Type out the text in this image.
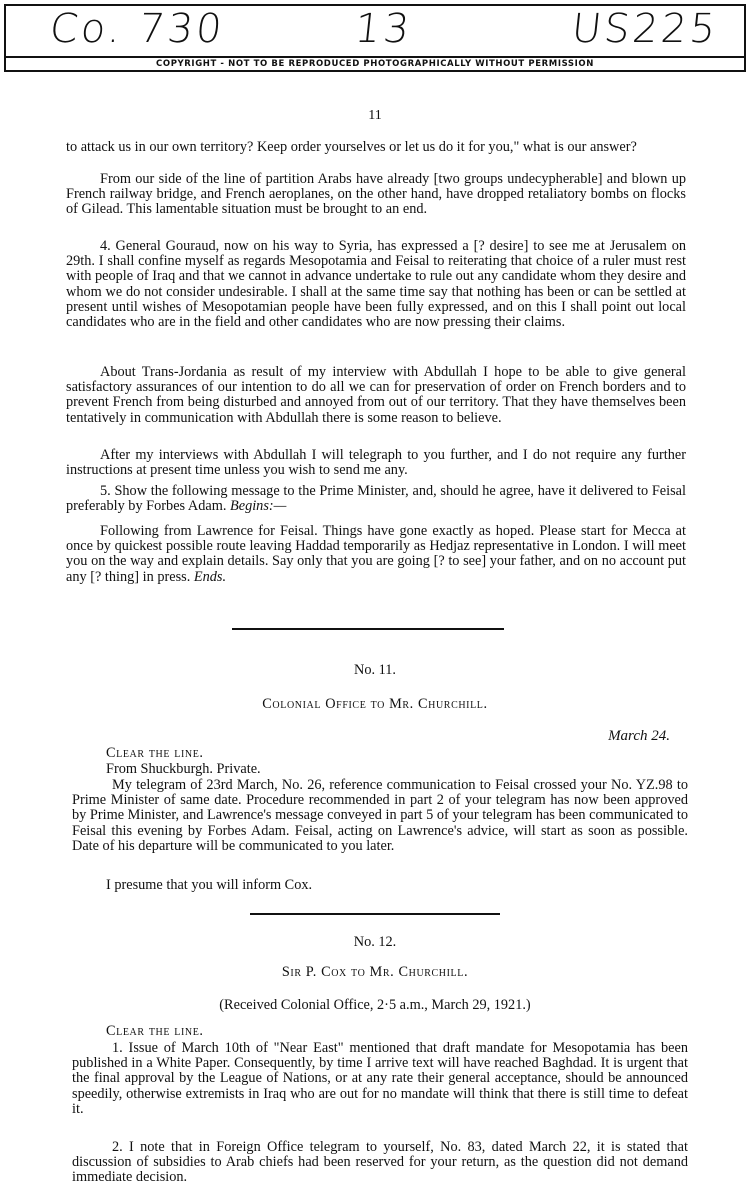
Co. 730	13	US225
COPYRIGHT - NOT TO BE REPRODUCED PHOTOGRAPHICALLY WITHOUT PERMISSION
11
to attack us in our own territory? Keep order yourselves or let us do it for you," what is our answer?
From our side of the line of partition Arabs have already [two groups undecypherable] and blown up French railway bridge, and French aeroplanes, on the other hand, have dropped retaliatory bombs on flocks of Gilead. This lamentable situation must be brought to an end.
4. General Gouraud, now on his way to Syria, has expressed a [? desire] to see me at Jerusalem on 29th. I shall confine myself as regards Mesopotamia and Feisal to reiterating that choice of a ruler must rest with people of Iraq and that we cannot in advance undertake to rule out any candidate whom they desire and whom we do not consider undesirable. I shall at the same time say that nothing has been or can be settled at present until wishes of Mesopotamian people have been fully expressed, and on this I shall point out local candidates who are in the field and other candidates who are now pressing their claims.
About Trans-Jordania as result of my interview with Abdullah I hope to be able to give general satisfactory assurances of our intention to do all we can for preservation of order on French borders and to prevent French from being disturbed and annoyed from out of our territory. That they have themselves been tentatively in communication with Abdullah there is some reason to believe.
After my interviews with Abdullah I will telegraph to you further, and I do not require any further instructions at present time unless you wish to send me any.
5. Show the following message to the Prime Minister, and, should he agree, have it delivered to Feisal preferably by Forbes Adam. Begins:—
Following from Lawrence for Feisal. Things have gone exactly as hoped. Please start for Mecca at once by quickest possible route leaving Haddad temporarily as Hedjaz representative in London. I will meet you on the way and explain details. Say only that you are going [? to see] your father, and on no account put any [? thing] in press. Ends.
No. 11.
Colonial Office to Mr. Churchill.
March 24.
Clear the line.
From Shuckburgh. Private.
My telegram of 23rd March, No. 26, reference communication to Feisal crossed your No. YZ.98 to Prime Minister of same date. Procedure recommended in part 2 of your telegram has now been approved by Prime Minister, and Lawrence's message conveyed in part 5 of your telegram has been communicated to Feisal this evening by Forbes Adam. Feisal, acting on Lawrence's advice, will start as soon as possible. Date of his departure will be communicated to you later.
I presume that you will inform Cox.
No. 12.
Sir P. Cox to Mr. Churchill.
(Received Colonial Office, 2·5 a.m., March 29, 1921.)
Clear the line.
1. Issue of March 10th of "Near East" mentioned that draft mandate for Mesopotamia has been published in a White Paper. Consequently, by time I arrive text will have reached Baghdad. It is urgent that the final approval by the League of Nations, or at any rate their general acceptance, should be announced speedily, otherwise extremists in Iraq who are out for no mandate will think that there is still time to defeat it.
2. I note that in Foreign Office telegram to yourself, No. 83, dated March 22, it is stated that discussion of subsidies to Arab chiefs had been reserved for your return, as the question did not demand immediate decision.
